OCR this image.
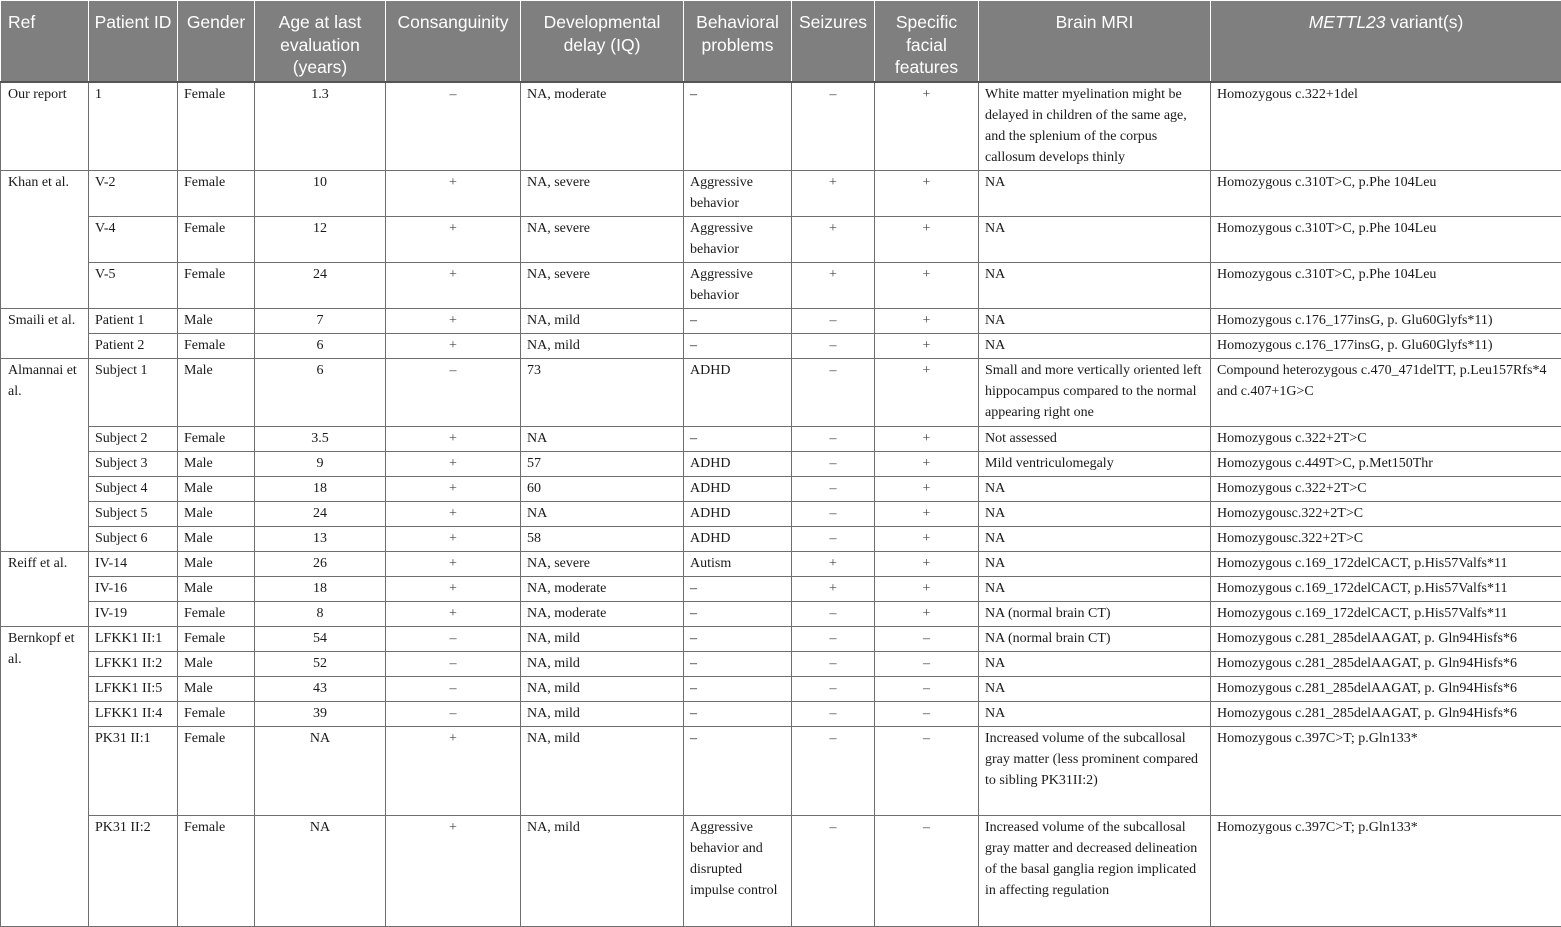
Ref	Patient ID	Gender	Age at last evaluation (years)	Consanguinity	Developmental delay (IQ)	Behavioral problems	Seizures	Specific facial features	Brain MRI	METTL23 variant(s)
Our report	1	Female	1.3	–	NA, moderate	–	–	+	White matter myelination might be delayed in children of the same age, and the splenium of the corpus callosum develops thinly	Homozygous c.322+1del
Khan et al.	V-2	Female	10	+	NA, severe	Aggressive behavior	+	+	NA	Homozygous c.310T>C, p.Phe 104Leu
	V-4	Female	12	+	NA, severe	Aggressive behavior	+	+	NA	Homozygous c.310T>C, p.Phe 104Leu
	V-5	Female	24	+	NA, severe	Aggressive behavior	+	+	NA	Homozygous c.310T>C, p.Phe 104Leu
Smaili et al.	Patient 1	Male	7	+	NA, mild	–	–	+	NA	Homozygous c.176_177insG, p. Glu60Glyfs*11)
	Patient 2	Female	6	+	NA, mild	–	–	+	NA	Homozygous c.176_177insG, p. Glu60Glyfs*11)
Almannai et al.	Subject 1	Male	6	–	73	ADHD	–	+	Small and more vertically oriented left hippocampus compared to the normal appearing right one	Compound heterozygous c.470_471delTT, p.Leu157Rfs*4 and c.407+1G>C
	Subject 2	Female	3.5	+	NA	–	–	+	Not assessed	Homozygous c.322+2T>C
	Subject 3	Male	9	+	57	ADHD	–	+	Mild ventriculomegaly	Homozygous c.449T>C, p.Met150Thr
	Subject 4	Male	18	+	60	ADHD	–	+	NA	Homozygous c.322+2T>C
	Subject 5	Male	24	+	NA	ADHD	–	+	NA	Homozygousc.322+2T>C
	Subject 6	Male	13	+	58	ADHD	–	+	NA	Homozygousc.322+2T>C
Reiff et al.	IV-14	Male	26	+	NA, severe	Autism	+	+	NA	Homozygous c.169_172delCACT, p.His57Valfs*11
	IV-16	Male	18	+	NA, moderate	–	+	+	NA	Homozygous c.169_172delCACT, p.His57Valfs*11
	IV-19	Female	8	+	NA, moderate	–	–	+	NA (normal brain CT)	Homozygous c.169_172delCACT, p.His57Valfs*11
Bernkopf et al.	LFKK1 II:1	Female	54	–	NA, mild	–	–	–	NA (normal brain CT)	Homozygous c.281_285delAAGAT, p. Gln94Hisfs*6
	LFKK1 II:2	Male	52	–	NA, mild	–	–	–	NA	Homozygous c.281_285delAAGAT, p. Gln94Hisfs*6
	LFKK1 II:5	Male	43	–	NA, mild	–	–	–	NA	Homozygous c.281_285delAAGAT, p. Gln94Hisfs*6
	LFKK1 II:4	Female	39	–	NA, mild	–	–	–	NA	Homozygous c.281_285delAAGAT, p. Gln94Hisfs*6
	PK31 II:1	Female	NA	+	NA, mild	–	–	–	Increased volume of the subcallosal gray matter (less prominent compared to sibling PK31II:2)	Homozygous c.397C>T; p.Gln133*
	PK31 II:2	Female	NA	+	NA, mild	Aggressive behavior and disrupted impulse control	–	–	Increased volume of the subcallosal gray matter and decreased delineation of the basal ganglia region implicated in affecting regulation	Homozygous c.397C>T; p.Gln133*
